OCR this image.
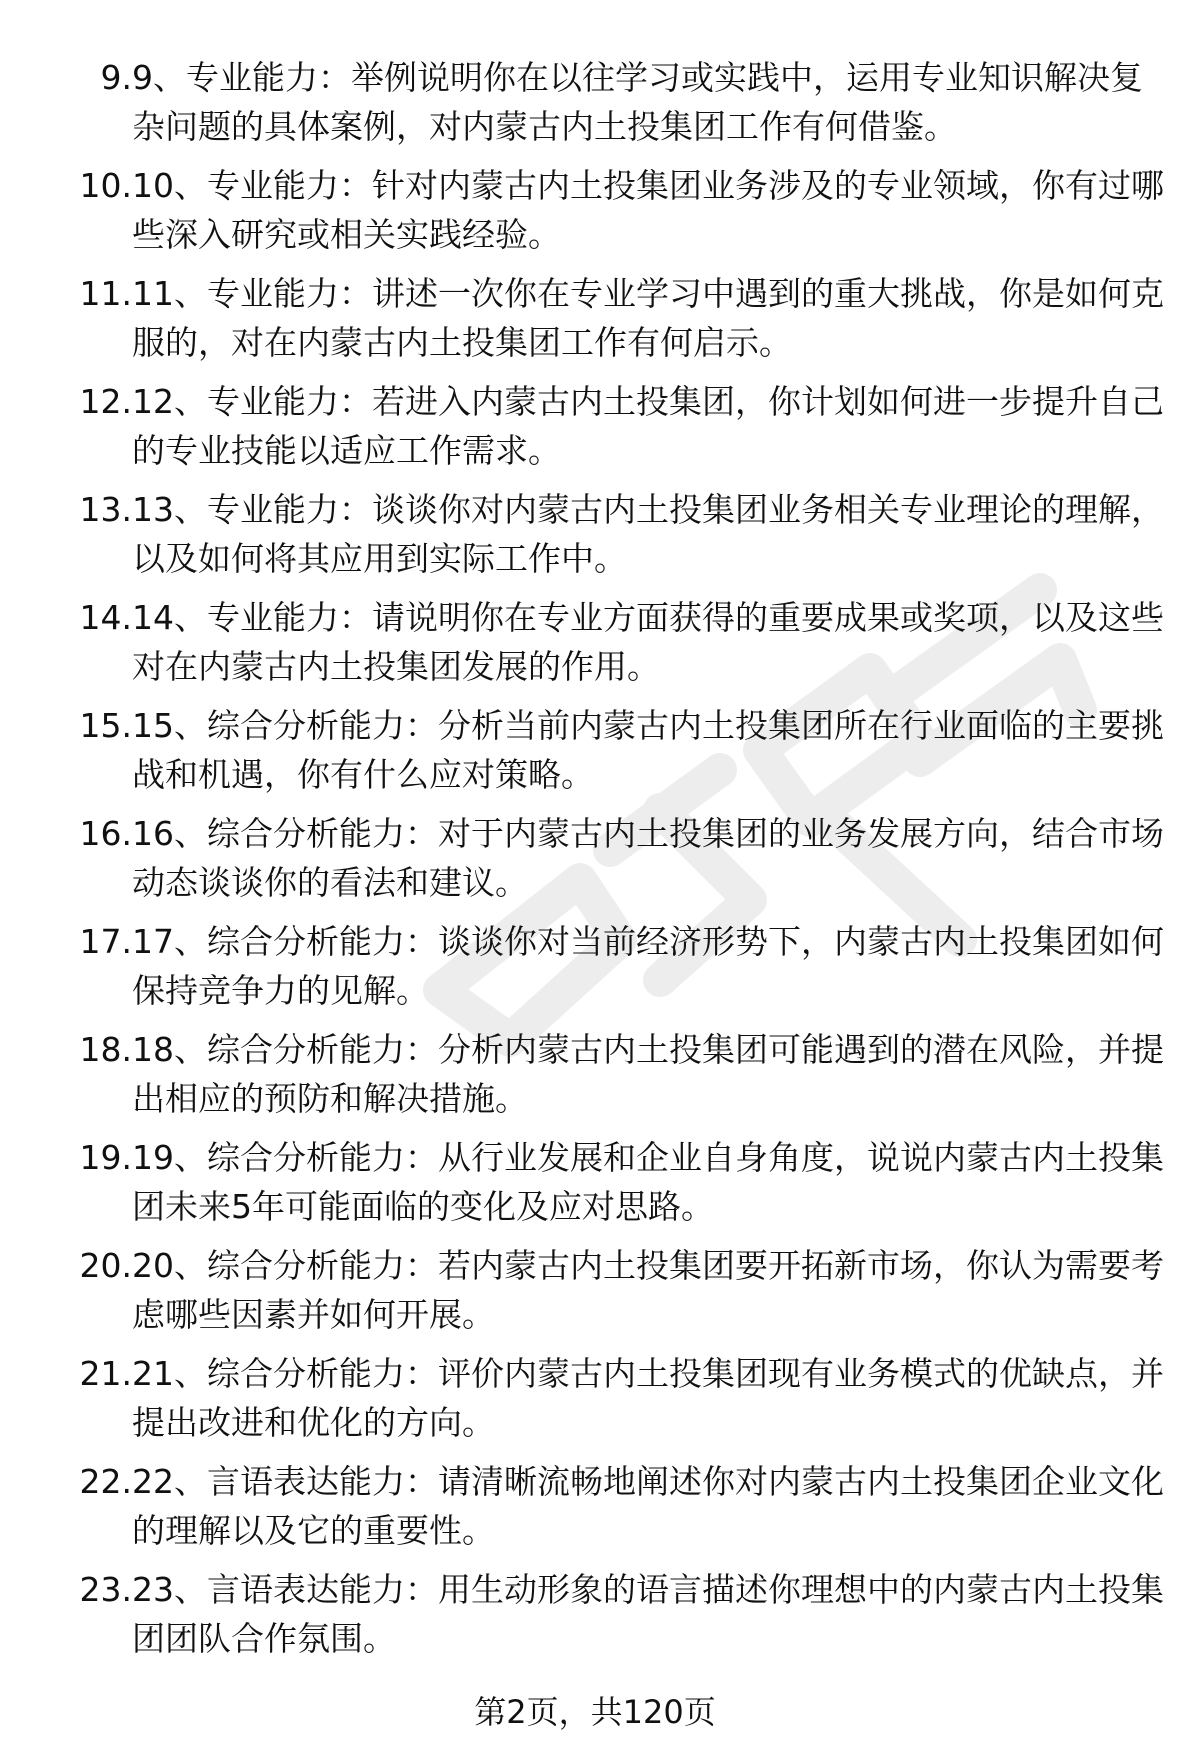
9. 9、专业能力：举例说明你在以往学习或实践中，运用专业知识解决复杂问题的具体案例，对内蒙古内土投集团工作有何借鉴。
10. 10、专业能力：针对内蒙古内土投集团业务涉及的专业领域，你有过哪些深入研究或相关实践经验。
11. 11、专业能力：讲述一次你在专业学习中遇到的重大挑战，你是如何克服的，对在内蒙古内土投集团工作有何启示。
12. 12、专业能力：若进入内蒙古内土投集团，你计划如何进一步提升自己的专业技能以适应工作需求。
13. 13、专业能力：谈谈你对内蒙古内土投集团业务相关专业理论的理解，以及如何将其应用到实际工作中。
14. 14、专业能力：请说明你在专业方面获得的重要成果或奖项，以及这些对在内蒙古内土投集团发展的作用。
15. 15、综合分析能力：分析当前内蒙古内土投集团所在行业面临的主要挑战和机遇，你有什么应对策略。
16. 16、综合分析能力：对于内蒙古内土投集团的业务发展方向，结合市场动态谈谈你的看法和建议。
17. 17、综合分析能力：谈谈你对当前经济形势下，内蒙古内土投集团如何保持竞争力的见解。
18. 18、综合分析能力：分析内蒙古内土投集团可能遇到的潜在风险，并提出相应的预防和解决措施。
19. 19、综合分析能力：从行业发展和企业自身角度，说说内蒙古内土投集团未来5年可能面临的变化及应对思路。
20. 20、综合分析能力：若内蒙古内土投集团要开拓新市场，你认为需要考虑哪些因素并如何开展。
21. 21、综合分析能力：评价内蒙古内土投集团现有业务模式的优缺点，并提出改进和优化的方向。
22. 22、言语表达能力：请清晰流畅地阐述你对内蒙古内土投集团企业文化的理解以及它的重要性。
23. 23、言语表达能力：用生动形象的语言描述你理想中的内蒙古内土投集团团队合作氛围。
第2页，共120页
